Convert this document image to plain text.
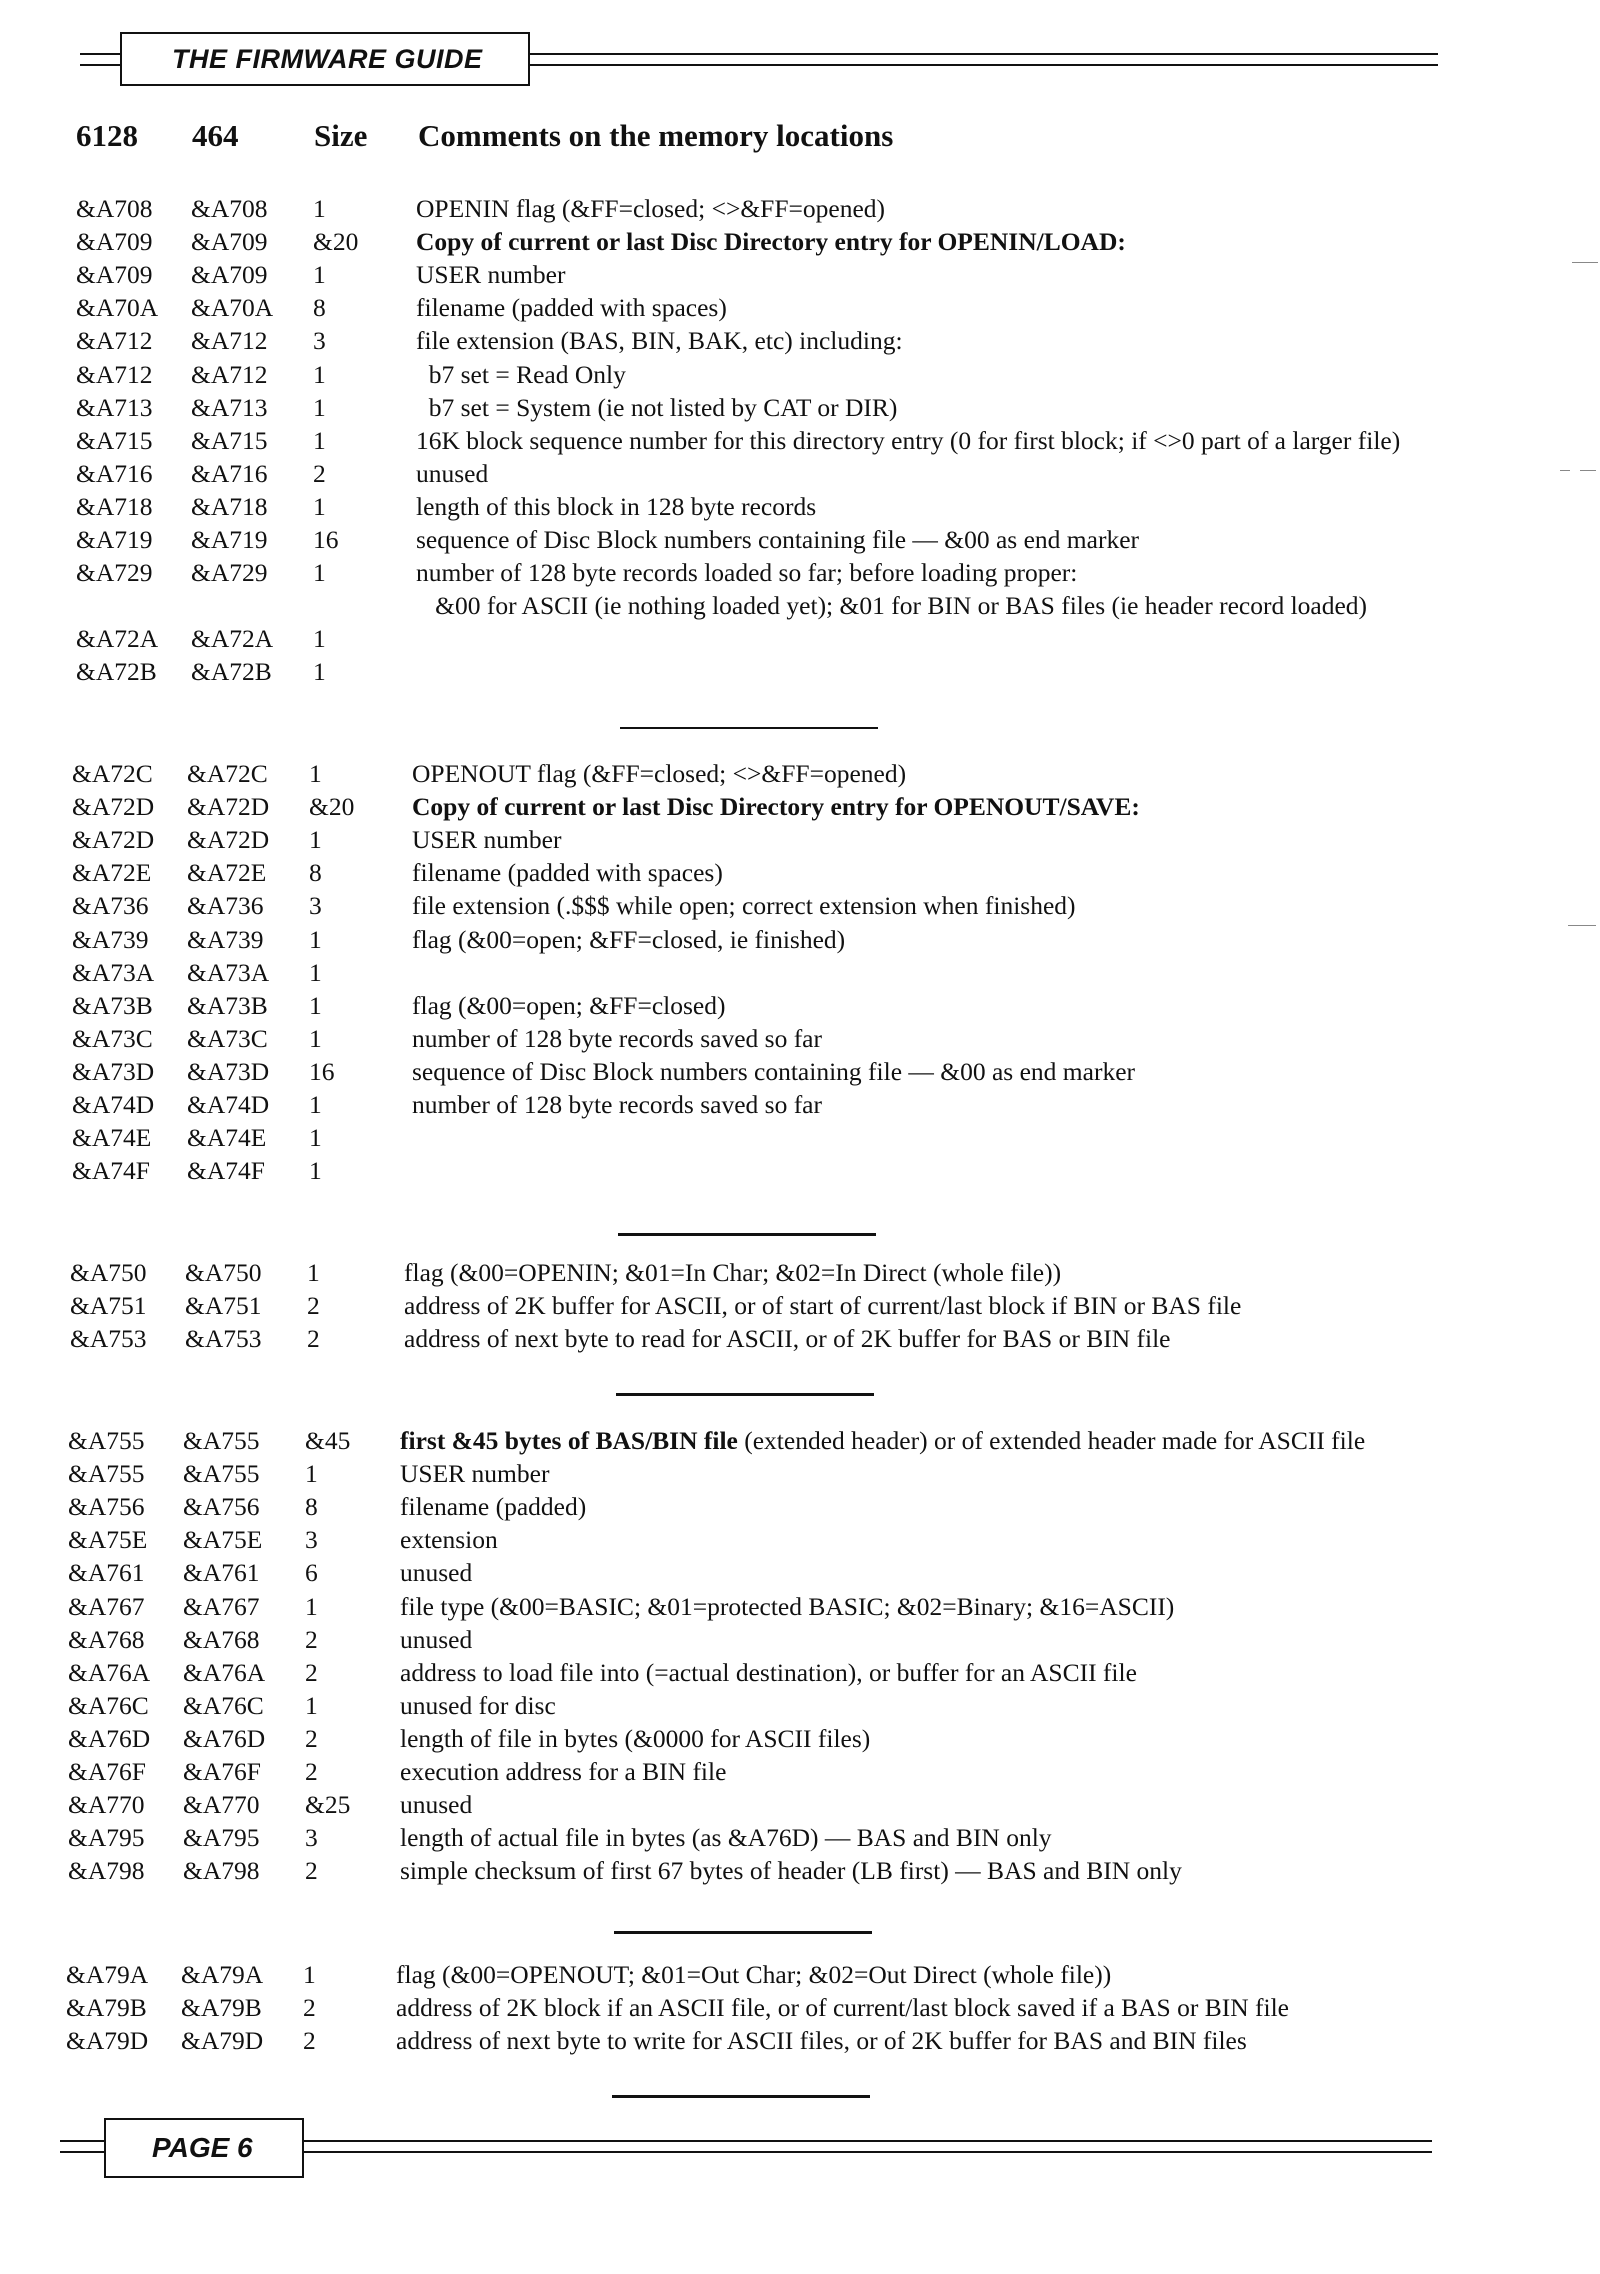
THE FIRMWARE GUIDE
6128 464 Size Comments on the memory locations
&A708 &A708 1	OPENIN flag (&FF=closed; <>&FF=opened)
&A709 &A709 &20 Copy of current or last Disc Directory entry for OPENIN/LOAD:
&A709 &A709 1	USER number
&A70A &A70A 8	filename (padded with spaces)
&A712 &A712 3	file extension (BAS, BIN, BAK, etc) including:
&A712 &A712 1	b7 set = Read Only
&A713 &A713 1	b7 set = System (ie not listed by CAT or DIR)
&A715 &A715 1	16K block sequence number for this directory entry (0 for first block; if <>0 part of a larger file)
&A716 &A716 2	unused
&A718 &A718 1	length of this block in 128 byte records
&A719 &A719 16	sequence of Disc Block numbers containing file — &00 as end marker
&A729 &A729 1	number of 128 byte records loaded so far; before loading proper:
&00 for ASCII (ie nothing loaded yet); &01 for BIN or BAS files (ie header record loaded)
&A72A &A72A 1
&A72B &A72B 1
&A72C &A72C 1	OPENOUT flag (&FF=closed; <>&FF=opened)
&A72D &A72D &20 Copy of current or last Disc Directory entry for OPENOUT/SAVE:
&A72D &A72D 1	USER number
&A72E &A72E 8	filename (padded with spaces)
&A736 &A736 3	file extension (.$$$ while open; correct extension when finished)
&A739 &A739 1	flag (&00=open; &FF=closed, ie finished)
&A73A &A73A 1
&A73B &A73B 1	flag (&00=open; &FF=closed)
&A73C &A73C 1	number of 128 byte records saved so far
&A73D &A73D 16	sequence of Disc Block numbers containing file — &00 as end marker
&A74D &A74D 1	number of 128 byte records saved so far
&A74E &A74E 1
&A74F &A74F 1
&A750 &A750 1	flag (&00=OPENIN; &01=In Char; &02=In Direct (whole file))
&A751 &A751 2	address of 2K buffer for ASCII, or of start of current/last block if BIN or BAS file
&A753 &A753 2	address of next byte to read for ASCII, or of 2K buffer for BAS or BIN file
&A755 &A755 &45 first &45 bytes of BAS/BIN file (extended header) or of extended header made for ASCII file
&A755 &A755 1	USER number
&A756 &A756 8	filename (padded)
&A75E &A75E 3	extension
&A761 &A761 6	unused
&A767 &A767 1	file type (&00=BASIC; &01=protected BASIC; &02=Binary; &16=ASCII)
&A768 &A768 2	unused
&A76A &A76A 2	address to load file into (=actual destination), or buffer for an ASCII file
&A76C &A76C 1	unused for disc
&A76D &A76D 2	length of file in bytes (&0000 for ASCII files)
&A76F &A76F 2	execution address for a BIN file
&A770 &A770 &25 unused
&A795 &A795 3	length of actual file in bytes (as &A76D) — BAS and BIN only
&A798 &A798 2	simple checksum of first 67 bytes of header (LB first) — BAS and BIN only
&A79A &A79A 1	flag (&00=OPENOUT; &01=Out Char; &02=Out Direct (whole file))
&A79B &A79B 2	address of 2K block if an ASCII file, or of current/last block saved if a BAS or BIN file
&A79D &A79D 2	address of next byte to write for ASCII files, or of 2K buffer for BAS and BIN files
PAGE 6
